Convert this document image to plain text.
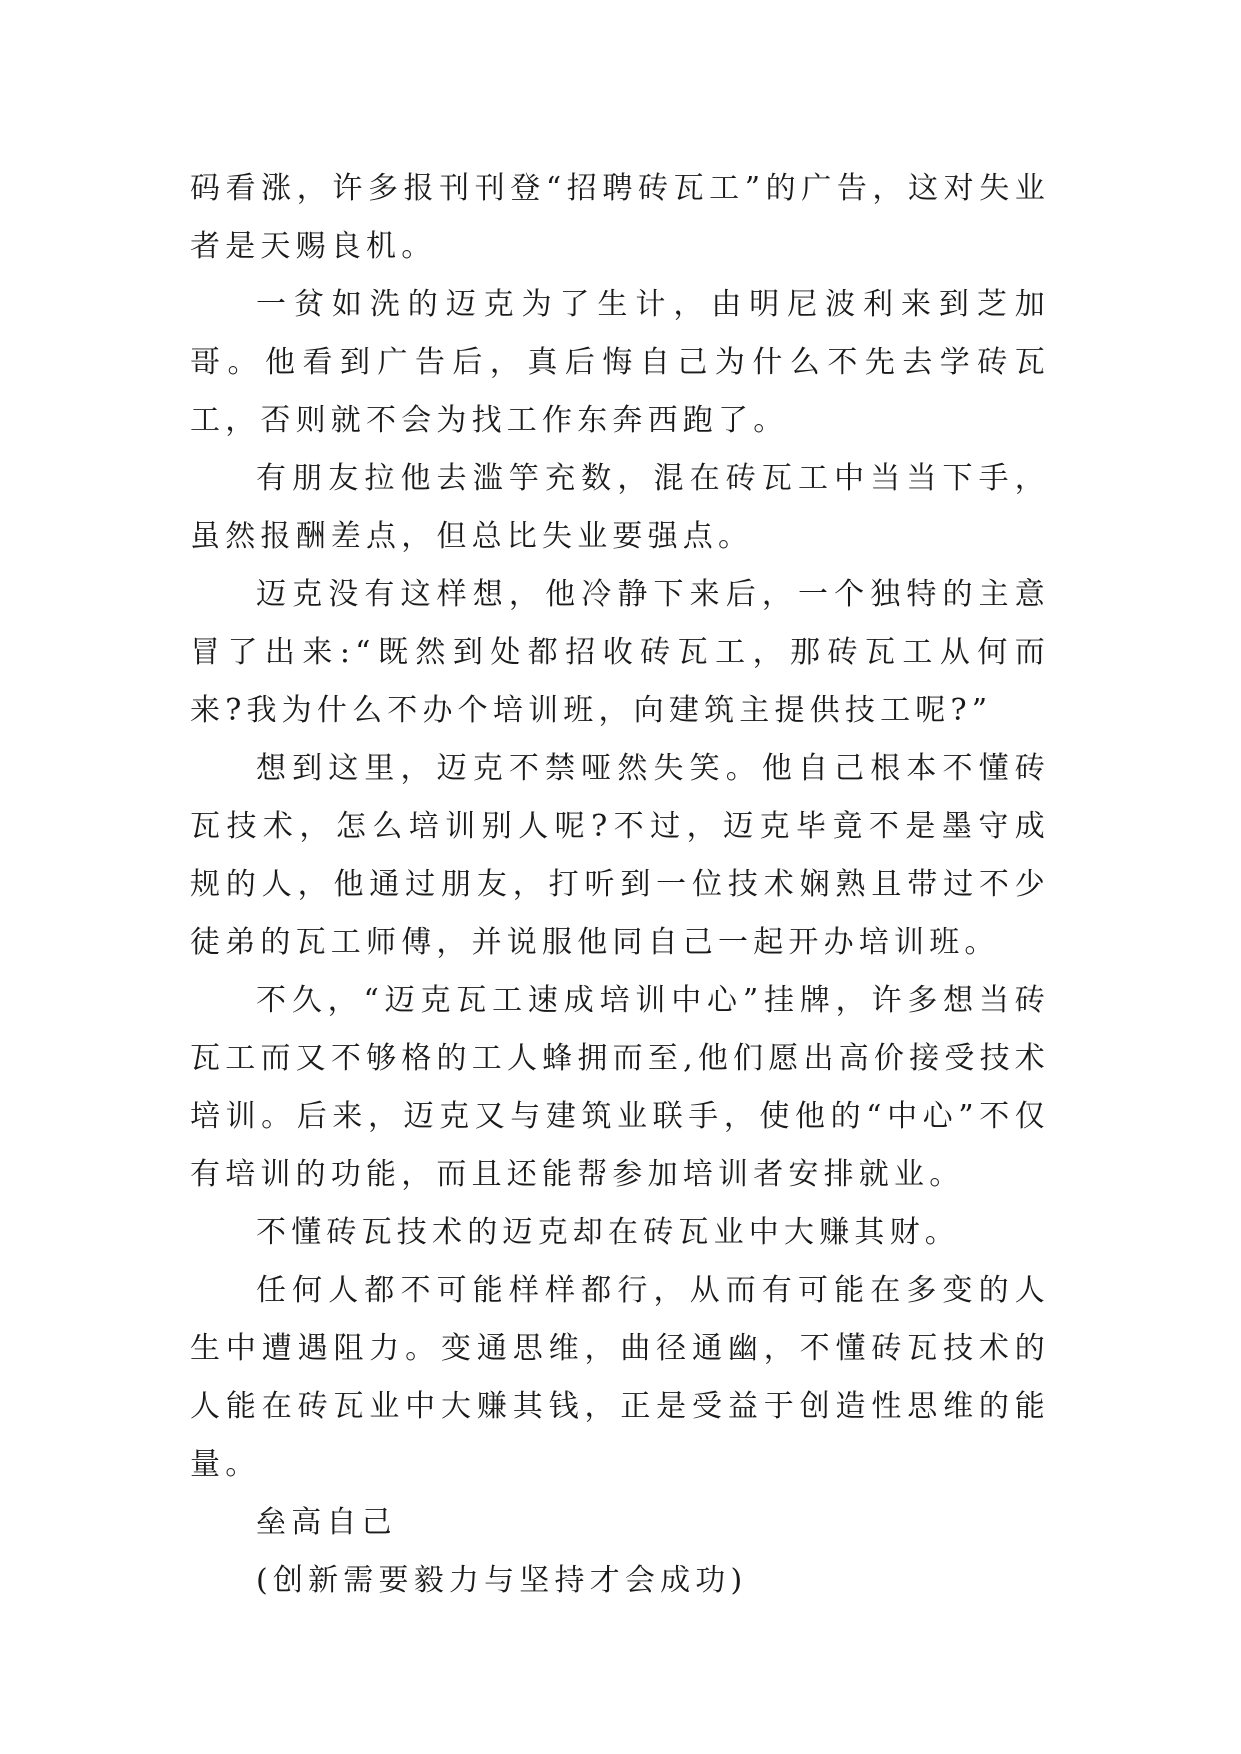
码看涨，许多报刊刊登“招聘砖瓦工”的广告，这对失业者是天赐良机。

一贫如洗的迈克为了生计，由明尼波利来到芝加哥。他看到广告后，真后悔自己为什么不先去学砖瓦工，否则就不会为找工作东奔西跑了。

有朋友拉他去滥竽充数，混在砖瓦工中当当下手，虽然报酬差点，但总比失业要强点。

迈克没有这样想，他冷静下来后，一个独特的主意冒了出来:“既然到处都招收砖瓦工，那砖瓦工从何而来?我为什么不办个培训班，向建筑主提供技工呢?”

想到这里，迈克不禁哑然失笑。他自己根本不懂砖瓦技术，怎么培训别人呢?不过，迈克毕竟不是墨守成规的人，他通过朋友，打听到一位技术娴熟且带过不少徒弟的瓦工师傅，并说服他同自己一起开办培训班。

不久，“迈克瓦工速成培训中心”挂牌，许多想当砖瓦工而又不够格的工人蜂拥而至,他们愿出高价接受技术培训。后来，迈克又与建筑业联手，使他的“中心”不仅有培训的功能，而且还能帮参加培训者安排就业。

不懂砖瓦技术的迈克却在砖瓦业中大赚其财。

任何人都不可能样样都行，从而有可能在多变的人生中遭遇阻力。变通思维，曲径通幽，不懂砖瓦技术的人能在砖瓦业中大赚其钱，正是受益于创造性思维的能量。

垒高自己

(创新需要毅力与坚持才会成功)
